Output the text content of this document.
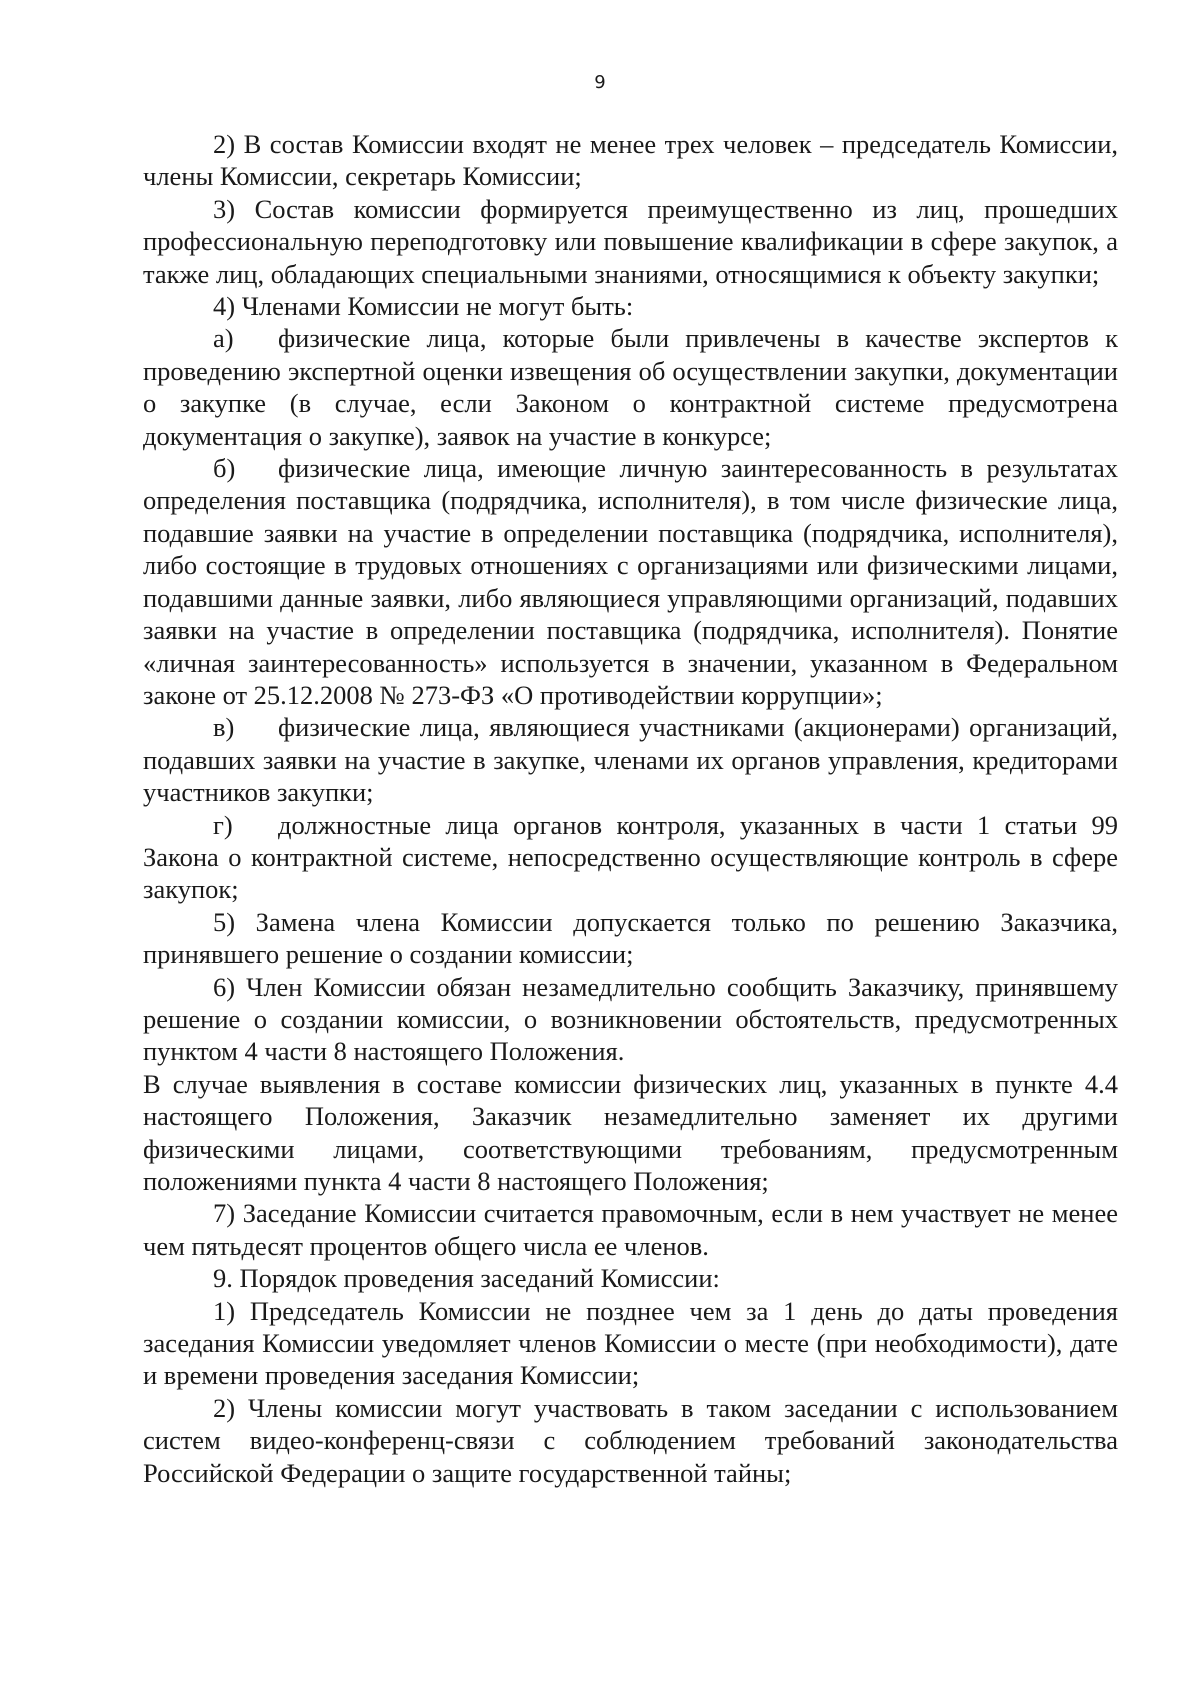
9

2) В состав Комиссии входят не менее трех человек – председатель Комиссии, члены Комиссии, секретарь Комиссии;

3) Состав комиссии формируется преимущественно из лиц, прошедших профессиональную переподготовку или повышение квалификации в сфере закупок, а также лиц, обладающих специальными знаниями, относящимися к объекту закупки;

4) Членами Комиссии не могут быть:

а) физические лица, которые были привлечены в качестве экспертов к проведению экспертной оценки извещения об осуществлении закупки, документации о закупке (в случае, если Законом о контрактной системе предусмотрена документация о закупке), заявок на участие в конкурсе;

б) физические лица, имеющие личную заинтересованность в результатах определения поставщика (подрядчика, исполнителя), в том числе физические лица, подавшие заявки на участие в определении поставщика (подрядчика, исполнителя), либо состоящие в трудовых отношениях с организациями или физическими лицами, подавшими данные заявки, либо являющиеся управляющими организаций, подавших заявки на участие в определении поставщика (подрядчика, исполнителя). Понятие «личная заинтересованность» используется в значении, указанном в Федеральном законе от 25.12.2008 № 273-ФЗ «О противодействии коррупции»;

в) физические лица, являющиеся участниками (акционерами) организаций, подавших заявки на участие в закупке, членами их органов управления, кредиторами участников закупки;

г) должностные лица органов контроля, указанных в части 1 статьи 99 Закона о контрактной системе, непосредственно осуществляющие контроль в сфере закупок;

5) Замена члена Комиссии допускается только по решению Заказчика, принявшего решение о создании комиссии;

6) Член Комиссии обязан незамедлительно сообщить Заказчику, принявшему решение о создании комиссии, о возникновении обстоятельств, предусмотренных пунктом 4 части 8 настоящего Положения.

В случае выявления в составе комиссии физических лиц, указанных в пункте 4.4 настоящего Положения, Заказчик незамедлительно заменяет их другими физическими лицами, соответствующими требованиям, предусмотренным положениями пункта 4 части 8 настоящего Положения;

7) Заседание Комиссии считается правомочным, если в нем участвует не менее чем пятьдесят процентов общего числа ее членов.

9. Порядок проведения заседаний Комиссии:

1) Председатель Комиссии не позднее чем за 1 день до даты проведения заседания Комиссии уведомляет членов Комиссии о месте (при необходимости), дате и времени проведения заседания Комиссии;

2) Члены комиссии могут участвовать в таком заседании с использованием систем видео-конференц-связи с соблюдением требований законодательства Российской Федерации о защите государственной тайны;
